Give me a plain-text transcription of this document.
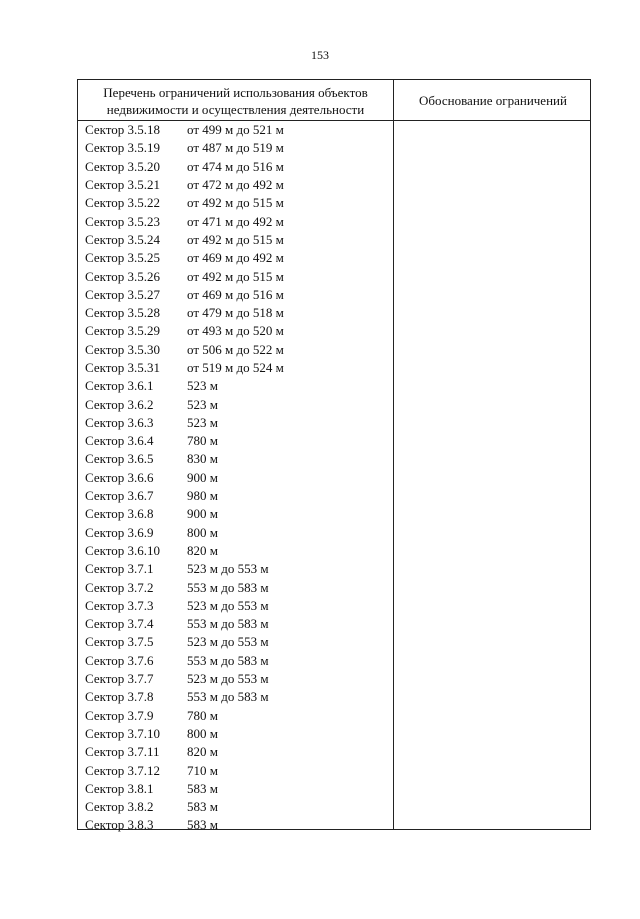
153
Перечень ограничений использования объектов
недвижимости и осуществления деятельности
Обоснование ограничений
Сектор 3.5.18	от 499 м до 521 м
Сектор 3.5.19	от 487 м до 519 м
Сектор 3.5.20	от 474 м до 516 м
Сектор 3.5.21	от 472 м до 492 м
Сектор 3.5.22	от 492 м до 515 м
Сектор 3.5.23	от 471 м до 492 м
Сектор 3.5.24	от 492 м до 515 м
Сектор 3.5.25	от 469 м до 492 м
Сектор 3.5.26	от 492 м до 515 м
Сектор 3.5.27	от 469 м до 516 м
Сектор 3.5.28	от 479 м до 518 м
Сектор 3.5.29	от 493 м до 520 м
Сектор 3.5.30	от 506 м до 522 м
Сектор 3.5.31	от 519 м до 524 м
Сектор 3.6.1	523 м
Сектор 3.6.2	523 м
Сектор 3.6.3	523 м
Сектор 3.6.4	780 м
Сектор 3.6.5	830 м
Сектор 3.6.6	900 м
Сектор 3.6.7	980 м
Сектор 3.6.8	900 м
Сектор 3.6.9	800 м
Сектор 3.6.10	820 м
Сектор 3.7.1	523 м до 553 м
Сектор 3.7.2	553 м до 583 м
Сектор 3.7.3	523 м до 553 м
Сектор 3.7.4	553 м до 583 м
Сектор 3.7.5	523 м до 553 м
Сектор 3.7.6	553 м до 583 м
Сектор 3.7.7	523 м до 553 м
Сектор 3.7.8	553 м до 583 м
Сектор 3.7.9	780 м
Сектор 3.7.10	800 м
Сектор 3.7.11	820 м
Сектор 3.7.12	710 м
Сектор 3.8.1	583 м
Сектор 3.8.2	583 м
Сектор 3.8.3	583 м
